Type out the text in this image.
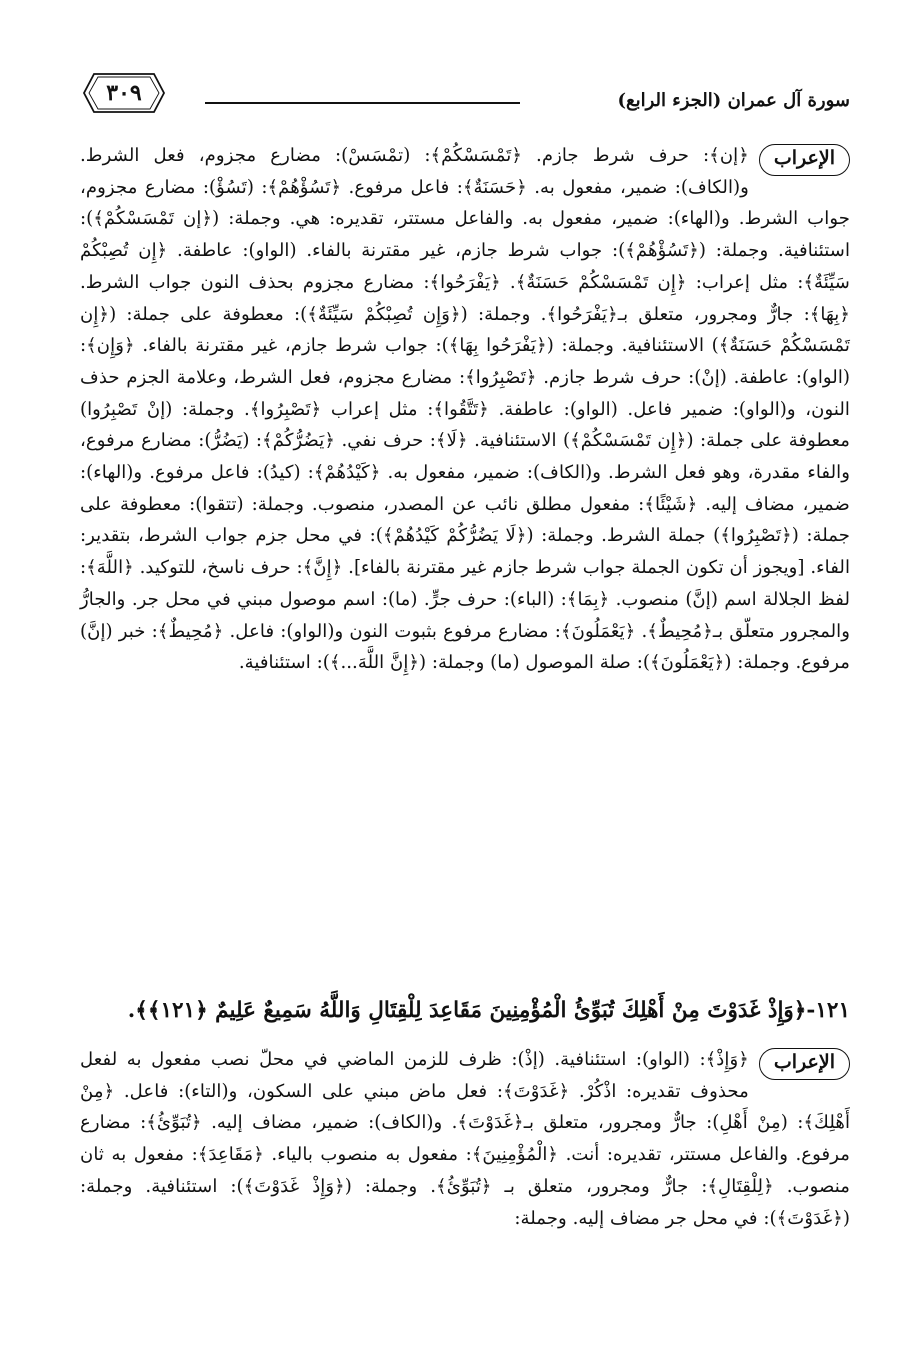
سورة آل عمران (الجزء الرابع)
٣٠٩
الإعراب
﴿إن﴾: حرف شرط جازم. ﴿تَمْسَسْكُمْ﴾: (تمْسَسْ): مضارع مجزوم، فعل الشرط. و(الكاف): ضمير، مفعول به. ﴿حَسَنَةٌ﴾: فاعل مرفوع. ﴿تَسُؤْهُمْ﴾: (تَسُؤْ): مضارع مجزوم، جواب الشرط. و(الهاء): ضمير، مفعول به. والفاعل مستتر، تقديره: هي. وجملة: (﴿إن تَمْسَسْكُمْ﴾): استئنافية. وجملة: (﴿تَسُؤْهُمْ﴾): جواب شرط جازم، غير مقترنة بالفاء. (الواو): عاطفة. ﴿إِن تُصِبْكُمْ سَيِّئَةٌ﴾: مثل إعراب: ﴿إِن تَمْسَسْكُمْ حَسَنَةٌ﴾. ﴿يَفْرَحُوا﴾: مضارع مجزوم بحذف النون جواب الشرط. ﴿بِهَا﴾: جارٌّ ومجرور، متعلق بـ﴿يَفْرَحُوا﴾. وجملة: (﴿وَإِن تُصِبْكُمْ سَيِّئَةٌ﴾): معطوفة على جملة: (﴿إِن تَمْسَسْكُمْ حَسَنَةٌ﴾) الاستئنافية. وجملة: (﴿يَفْرَحُوا بِهَا﴾): جواب شرط جازم، غير مقترنة بالفاء. ﴿وَإِن﴾: (الواو): عاطفة. (إنْ): حرف شرط جازم. ﴿تَصْبِرُوا﴾: مضارع مجزوم، فعل الشرط، وعلامة الجزم حذف النون، و(الواو): ضمير فاعل. (الواو): عاطفة. ﴿تَتَّقُوا﴾: مثل إعراب ﴿تَصْبِرُوا﴾. وجملة: (إنْ تَصْبِرُوا) معطوفة على جملة: (﴿إِن تَمْسَسْكُمْ﴾) الاستئنافية. ﴿لَا﴾: حرف نفي. ﴿يَضُرُّكُمْ﴾: (يَضُرُّ): مضارع مرفوع، والفاء مقدرة، وهو فعل الشرط. و(الكاف): ضمير، مفعول به. ﴿كَيْدُهُمْ﴾: (كيدُ): فاعل مرفوع. و(الهاء): ضمير، مضاف إليه. ﴿شَيْئًا﴾: مفعول مطلق نائب عن المصدر، منصوب. وجملة: (تتقوا): معطوفة على جملة: (﴿تَصْبِرُوا﴾) جملة الشرط. وجملة: (﴿لَا يَضُرُّكُمْ كَيْدُهُمْ﴾): في محل جزم جواب الشرط، بتقدير: الفاء. [ويجوز أن تكون الجملة جواب شرط جازم غير مقترنة بالفاء]. ﴿إِنَّ﴾: حرف ناسخ، للتوكيد. ﴿اللَّهَ﴾: لفظ الجلالة اسم (إنَّ) منصوب. ﴿بِمَا﴾: (الباء): حرف جرٍّ. (ما): اسم موصول مبني في محل جر. والجارُّ والمجرور متعلّق بـ﴿مُحِيطٌ﴾. ﴿يَعْمَلُونَ﴾: مضارع مرفوع بثبوت النون و(الواو): فاعل. ﴿مُحِيطٌ﴾: خبر (إنَّ) مرفوع. وجملة: (﴿يَعْمَلُونَ﴾): صلة الموصول (ما) وجملة: (﴿إِنَّ اللَّهَ...﴾): استئنافية.
١٢١-﴿وَإِذْ غَدَوْتَ مِنْ أَهْلِكَ تُبَوِّئُ الْمُؤْمِنِينَ مَقَاعِدَ لِلْقِتَالِ وَاللَّهُ سَمِيعٌ عَلِيمٌ ﴿١٢١﴾﴾.
الإعراب
﴿وَإِذْ﴾: (الواو): استئنافية. (إذْ): ظرف للزمن الماضي في محلّ نصب مفعول به لفعل محذوف تقديره: اذْكُرْ. ﴿غَدَوْتَ﴾: فعل ماض مبني على السكون، و(التاء): فاعل. ﴿مِنْ أَهْلِكَ﴾: (مِنْ أَهْلِ): جارٌّ ومجرور، متعلق بـ﴿غَدَوْتَ﴾. و(الكاف): ضمير، مضاف إليه. ﴿تُبَوِّئُ﴾: مضارع مرفوع. والفاعل مستتر، تقديره: أنت. ﴿الْمُؤْمِنِينَ﴾: مفعول به منصوب بالياء. ﴿مَقَاعِدَ﴾: مفعول به ثان منصوب. ﴿لِلْقِتَالِ﴾: جارٌّ ومجرور، متعلق بـ ﴿تُبَوِّئُ﴾. وجملة: (﴿وَإِذْ غَدَوْتَ﴾): استئنافية. وجملة: (﴿غَدَوْتَ﴾): في محل جر مضاف إليه. وجملة:
